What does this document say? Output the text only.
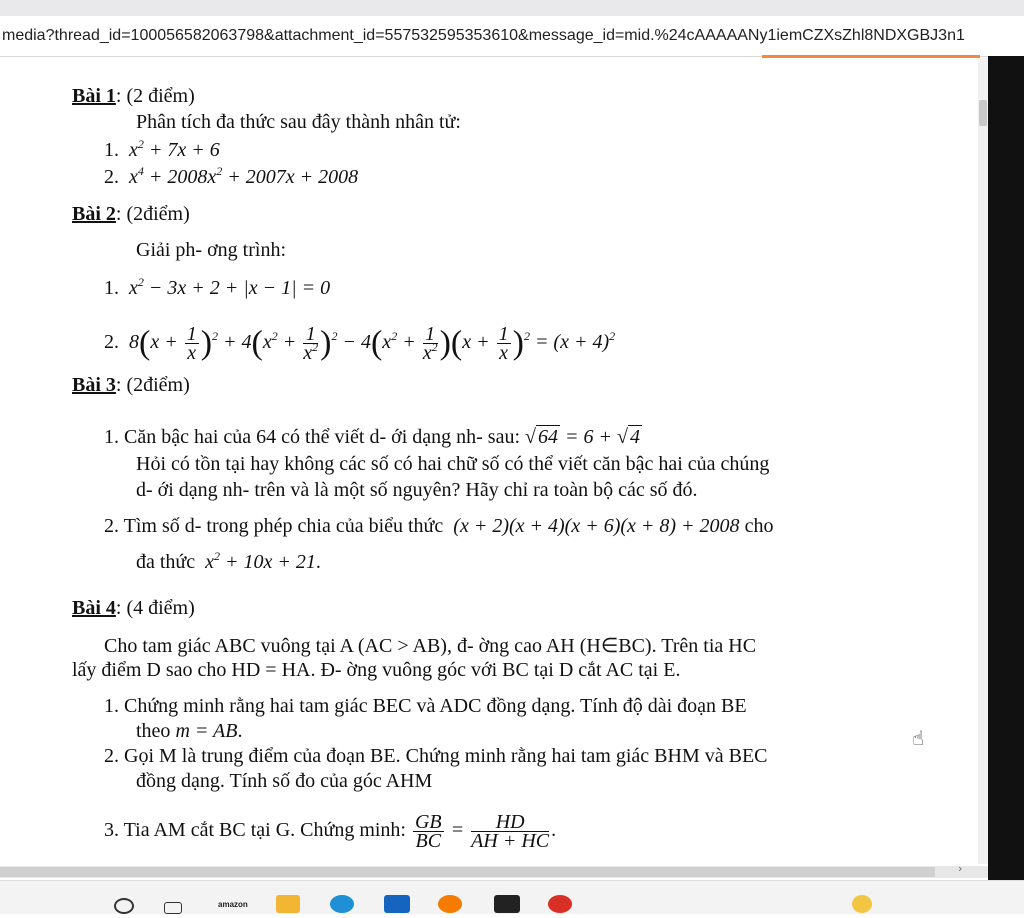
media?thread_id=100056582063798&attachment_id=557532595353610&message_id=mid.%24cAAAAANy1iemCZXsZhl8NDXGBJ3n1
Bài 1: (2 điểm)
Phân tích đa thức sau đây thành nhân tử:
1. $x^2 + 7x + 6$
2. $x^4 + 2008x^2 + 2007x + 2008$
Bài 2: (2điểm)
Giải ph- ơng trình:
1. $x^2 - 3x + 2 + |x - 1| = 0$
2. $8(x + \frac{1}{x} )^2 + 4(x^2 + \frac{1}{x^2} )^2 - 4(x^2 + \frac{1}{x^2} )(x + \frac{1}{x} )^2 = (x + 4)^2$
Bài 3: (2điểm)
1. Căn bậc hai của 64 có thể viết d- ới dạng nh- sau: √ 64 = 6 + √ 4
Hỏi có tồn tại hay không các số có hai chữ số có thể viết căn bậc hai của chúng
d- ới dạng nh- trên và là một số nguyên? Hãy chỉ ra toàn bộ các số đó.
2. Tìm số d- trong phép chia của biểu thức (x + 2)(x + 4)(x + 6)(x + 8) + 2008 cho
đa thức $x^2 + 10x + 21$.
Bài 4: (4 điểm)
Cho tam giác ABC vuông tại A (AC > AB), đ- ờng cao AH (H∈BC). Trên tia HC
lấy điểm D sao cho HD = HA. Đ- ờng vuông góc với BC tại D cắt AC tại E.
1. Chứng minh rằng hai tam giác BEC và ADC đồng dạng. Tính độ dài đoạn BE
theo m = AB.
2. Gọi M là trung điểm của đoạn BE. Chứng minh rằng hai tam giác BHM và BEC
đồng dạng. Tính số đo của góc AHM
3. Tia AM cắt BC tại G. Chứng minh: $\frac{GB}{BC} = \frac{HD}{AH + HC}$ .
›
☝
amazon
